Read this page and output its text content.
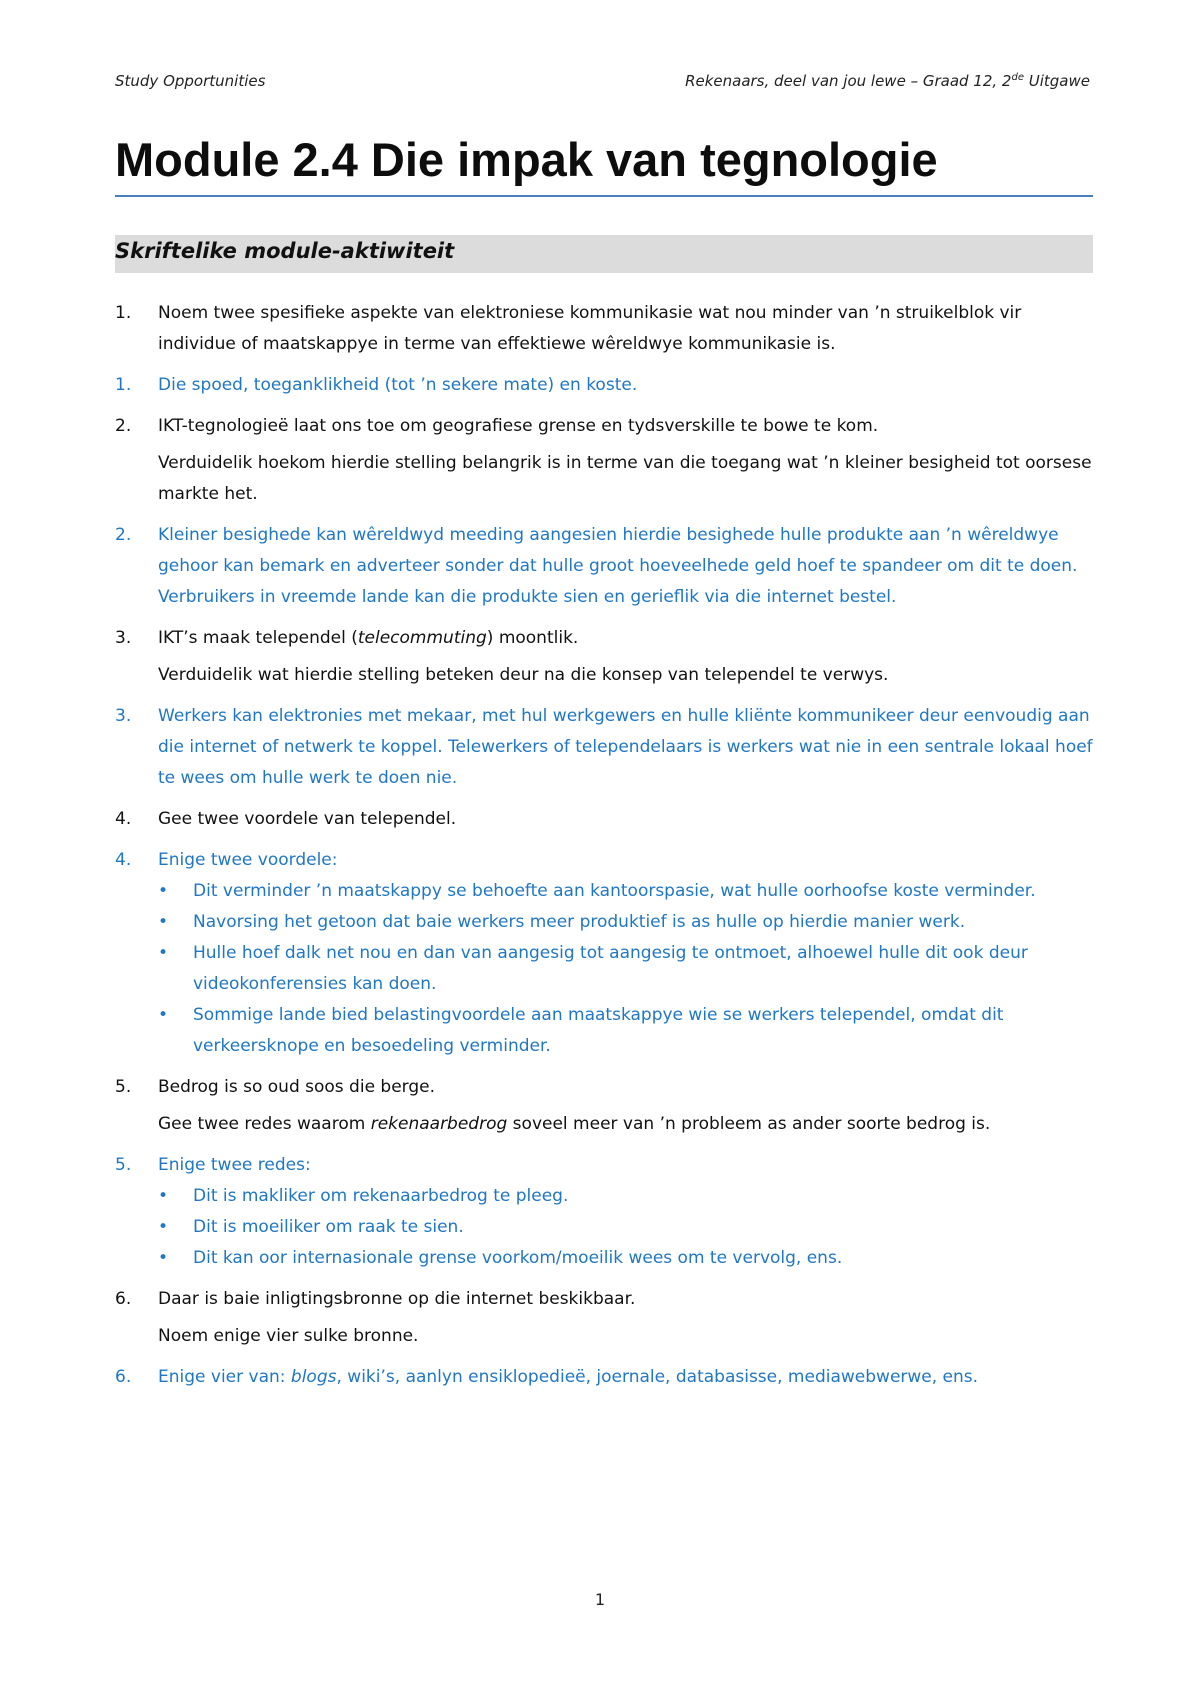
Study Opportunities	Rekenaars, deel van jou lewe – Graad 12, 2de Uitgawe
Module 2.4 Die impak van tegnologie
Skriftelike module-aktiwiteit
1. Noem twee spesifieke aspekte van elektroniese kommunikasie wat nou minder van ’n struikelblok vir individue of maatskappye in terme van effektiewe wêreldwye kommunikasie is.

1. Die spoed, toeganklikheid (tot ’n sekere mate) en koste.

2. IKT-tegnologieë laat ons toe om geografiese grense en tydsverskille te bowe te kom.

Verduidelik hoekom hierdie stelling belangrik is in terme van die toegang wat ’n kleiner besigheid tot oorsese markte het.

2. Kleiner besighede kan wêreldwyd meeding aangesien hierdie besighede hulle produkte aan ’n wêreldwye gehoor kan bemark en adverteer sonder dat hulle groot hoeveelhede geld hoef te spandeer om dit te doen. Verbruikers in vreemde lande kan die produkte sien en gerieflik via die internet bestel.

3. IKT’s maak telependel (telecommuting) moontlik.

Verduidelik wat hierdie stelling beteken deur na die konsep van telependel te verwys.

3. Werkers kan elektronies met mekaar, met hul werkgewers en hulle kliënte kommunikeer deur eenvoudig aan die internet of netwerk te koppel. Telewerkers of telependelaars is werkers wat nie in een sentrale lokaal hoef te wees om hulle werk te doen nie.

4. Gee twee voordele van telependel.

4. Enige twee voordele:

• Dit verminder ’n maatskappy se behoefte aan kantoorspasie, wat hulle oorhoofse koste verminder.
• Navorsing het getoon dat baie werkers meer produktief is as hulle op hierdie manier werk.
• Hulle hoef dalk net nou en dan van aangesig tot aangesig te ontmoet, alhoewel hulle dit ook deur videokonferensies kan doen.
• Sommige lande bied belastingvoordele aan maatskappye wie se werkers telependel, omdat dit verkeersknope en besoedeling verminder.
5. Bedrog is so oud soos die berge.

Gee twee redes waarom rekenaarbedrog soveel meer van ’n probleem as ander soorte bedrog is.

5. Enige twee redes:

• Dit is makliker om rekenaarbedrog te pleeg.
• Dit is moeiliker om raak te sien.
• Dit kan oor internasionale grense voorkom/moeilik wees om te vervolg, ens.
6. Daar is baie inligtingsbronne op die internet beskikbaar.

Noem enige vier sulke bronne.

6. Enige vier van: blogs, wiki’s, aanlyn ensiklopedieë, joernale, databasisse, mediawebwerwe, ens.

1
